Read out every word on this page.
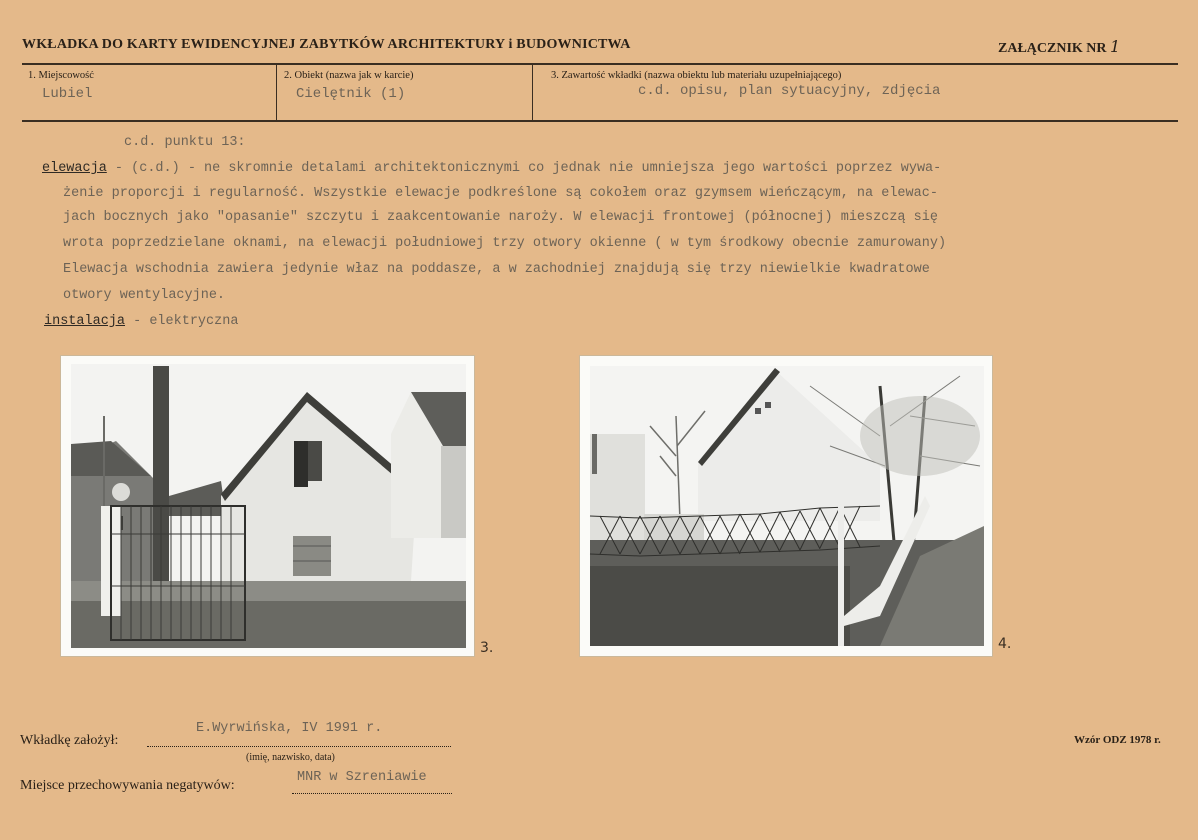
WKŁADKA DO KARTY EWIDENCYJNEJ ZABYTKÓW ARCHITEKTURY i BUDOWNICTWA	ZAŁĄCZNIK NR 1
1. Miejscowość
Lubiel
2. Obiekt (nazwa jak w karcie)
Cielętnik (1)
3. Zawartość wkładki (nazwa obiektu lub materiału uzupełniającego)
c.d. opisu, plan sytuacyjny, zdjęcia
c.d. punktu 13:
elewacja - (c.d.) - ne skromnie detalami architektonicznymi co jednak nie umniejsza jego wartości poprzez wywa-
żenie proporcji i regularność. Wszystkie elewacje podkreślone są cokołem oraz gzymsem wieńczącym, na elewac-
jach bocznych jako "opasanie" szczytu i zaakcentowanie naroży. W elewacji frontowej (północnej) mieszczą się
wrota poprzedzielane oknami, na elewacji południowej trzy otwory okienne ( w tym środkowy obecnie zamurowany)
Elewacja wschodnia zawiera jedynie właz na poddasze, a w zachodniej znajdują się trzy niewielkie kwadratowe
otwory wentylacyjne.
instalacja - elektryczna
3.	4.
Wkładkę założył:
E.Wyrwińska, IV 1991 r.
(imię, nazwisko, data)
Miejsce przechowywania negatywów:
MNR w Szreniawie
Wzór ODZ 1978 r.
